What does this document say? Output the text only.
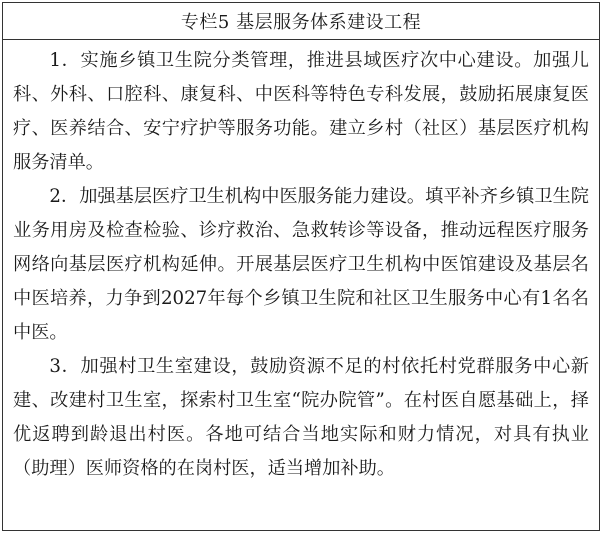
专栏5 基层服务体系建设工程

1．实施乡镇卫生院分类管理，推进县域医疗次中心建设。加强儿科、外科、口腔科、康复科、中医科等特色专科发展，鼓励拓展康复医疗、医养结合、安宁疗护等服务功能。建立乡村（社区）基层医疗机构服务清单。

2．加强基层医疗卫生机构中医服务能力建设。填平补齐乡镇卫生院业务用房及检查检验、诊疗救治、急救转诊等设备，推动远程医疗服务网络向基层医疗机构延伸。开展基层医疗卫生机构中医馆建设及基层名中医培养，力争到2027年每个乡镇卫生院和社区卫生服务中心有1名名中医。

3．加强村卫生室建设，鼓励资源不足的村依托村党群服务中心新建、改建村卫生室，探索村卫生室“院办院管”。在村医自愿基础上，择优返聘到龄退出村医。各地可结合当地实际和财力情况，对具有执业（助理）医师资格的在岗村医，适当增加补助。
